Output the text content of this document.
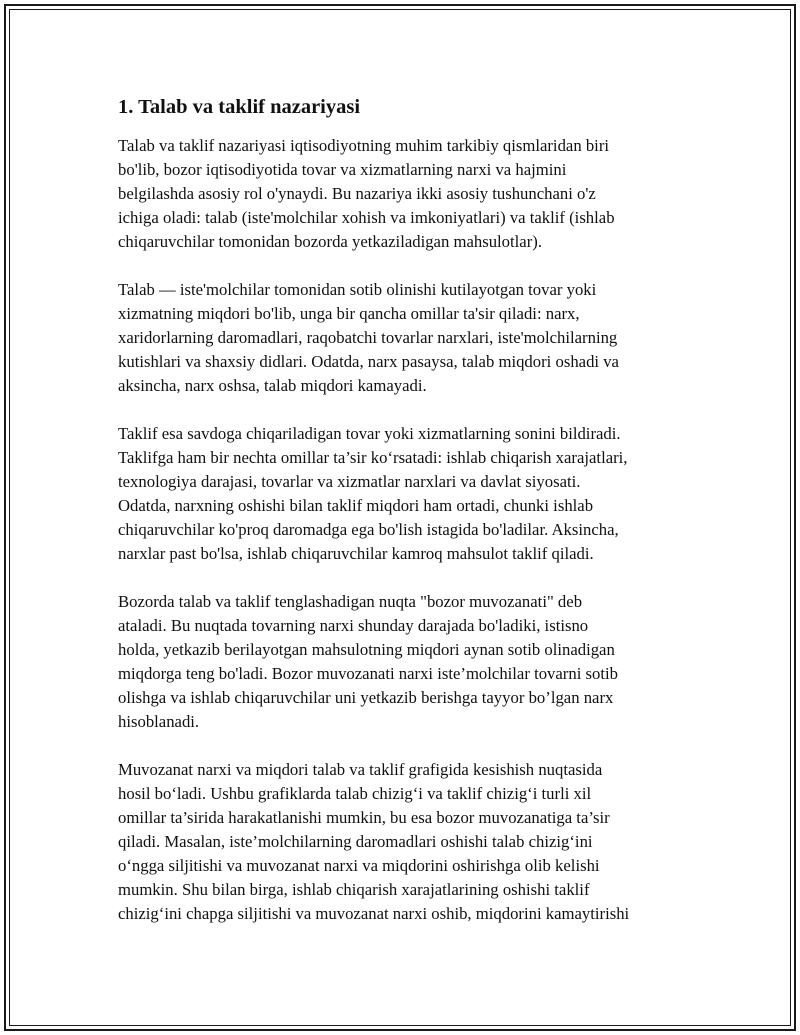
1. Talab va taklif nazariyasi
Talab va taklif nazariyasi iqtisodiyotning muhim tarkibiy qismlaridan biri
bo'lib, bozor iqtisodiyotida tovar va xizmatlarning narxi va hajmini
belgilashda asosiy rol o'ynaydi. Bu nazariya ikki asosiy tushunchani o'z
ichiga oladi: talab (iste'molchilar xohish va imkoniyatlari) va taklif (ishlab
chiqaruvchilar tomonidan bozorda yetkaziladigan mahsulotlar).
Talab — iste'molchilar tomonidan sotib olinishi kutilayotgan tovar yoki
xizmatning miqdori bo'lib, unga bir qancha omillar ta'sir qiladi: narx,
xaridorlarning daromadlari, raqobatchi tovarlar narxlari, iste'molchilarning
kutishlari va shaxsiy didlari. Odatda, narx pasaysa, talab miqdori oshadi va
aksincha, narx oshsa, talab miqdori kamayadi.
Taklif esa savdoga chiqariladigan tovar yoki xizmatlarning sonini bildiradi.
Taklifga ham bir nechta omillar ta’sir ko‘rsatadi: ishlab chiqarish xarajatlari,
texnologiya darajasi, tovarlar va xizmatlar narxlari va davlat siyosati.
Odatda, narxning oshishi bilan taklif miqdori ham ortadi, chunki ishlab
chiqaruvchilar ko'proq daromadga ega bo'lish istagida bo'ladilar. Aksincha,
narxlar past bo'lsa, ishlab chiqaruvchilar kamroq mahsulot taklif qiladi.
Bozorda talab va taklif tenglashadigan nuqta "bozor muvozanati" deb
ataladi. Bu nuqtada tovarning narxi shunday darajada bo'ladiki, istisno
holda, yetkazib berilayotgan mahsulotning miqdori aynan sotib olinadigan
miqdorga teng bo'ladi. Bozor muvozanati narxi iste’molchilar tovarni sotib
olishga va ishlab chiqaruvchilar uni yetkazib berishga tayyor bo’lgan narx
hisoblanadi.
Muvozanat narxi va miqdori talab va taklif grafigida kesishish nuqtasida
hosil bo‘ladi. Ushbu grafiklarda talab chizig‘i va taklif chizig‘i turli xil
omillar ta’sirida harakatlanishi mumkin, bu esa bozor muvozanatiga ta’sir
qiladi. Masalan, iste’molchilarning daromadlari oshishi talab chizig‘ini
o‘ngga siljitishi va muvozanat narxi va miqdorini oshirishga olib kelishi
mumkin. Shu bilan birga, ishlab chiqarish xarajatlarining oshishi taklif
chizig‘ini chapga siljitishi va muvozanat narxi oshib, miqdorini kamaytirishi
